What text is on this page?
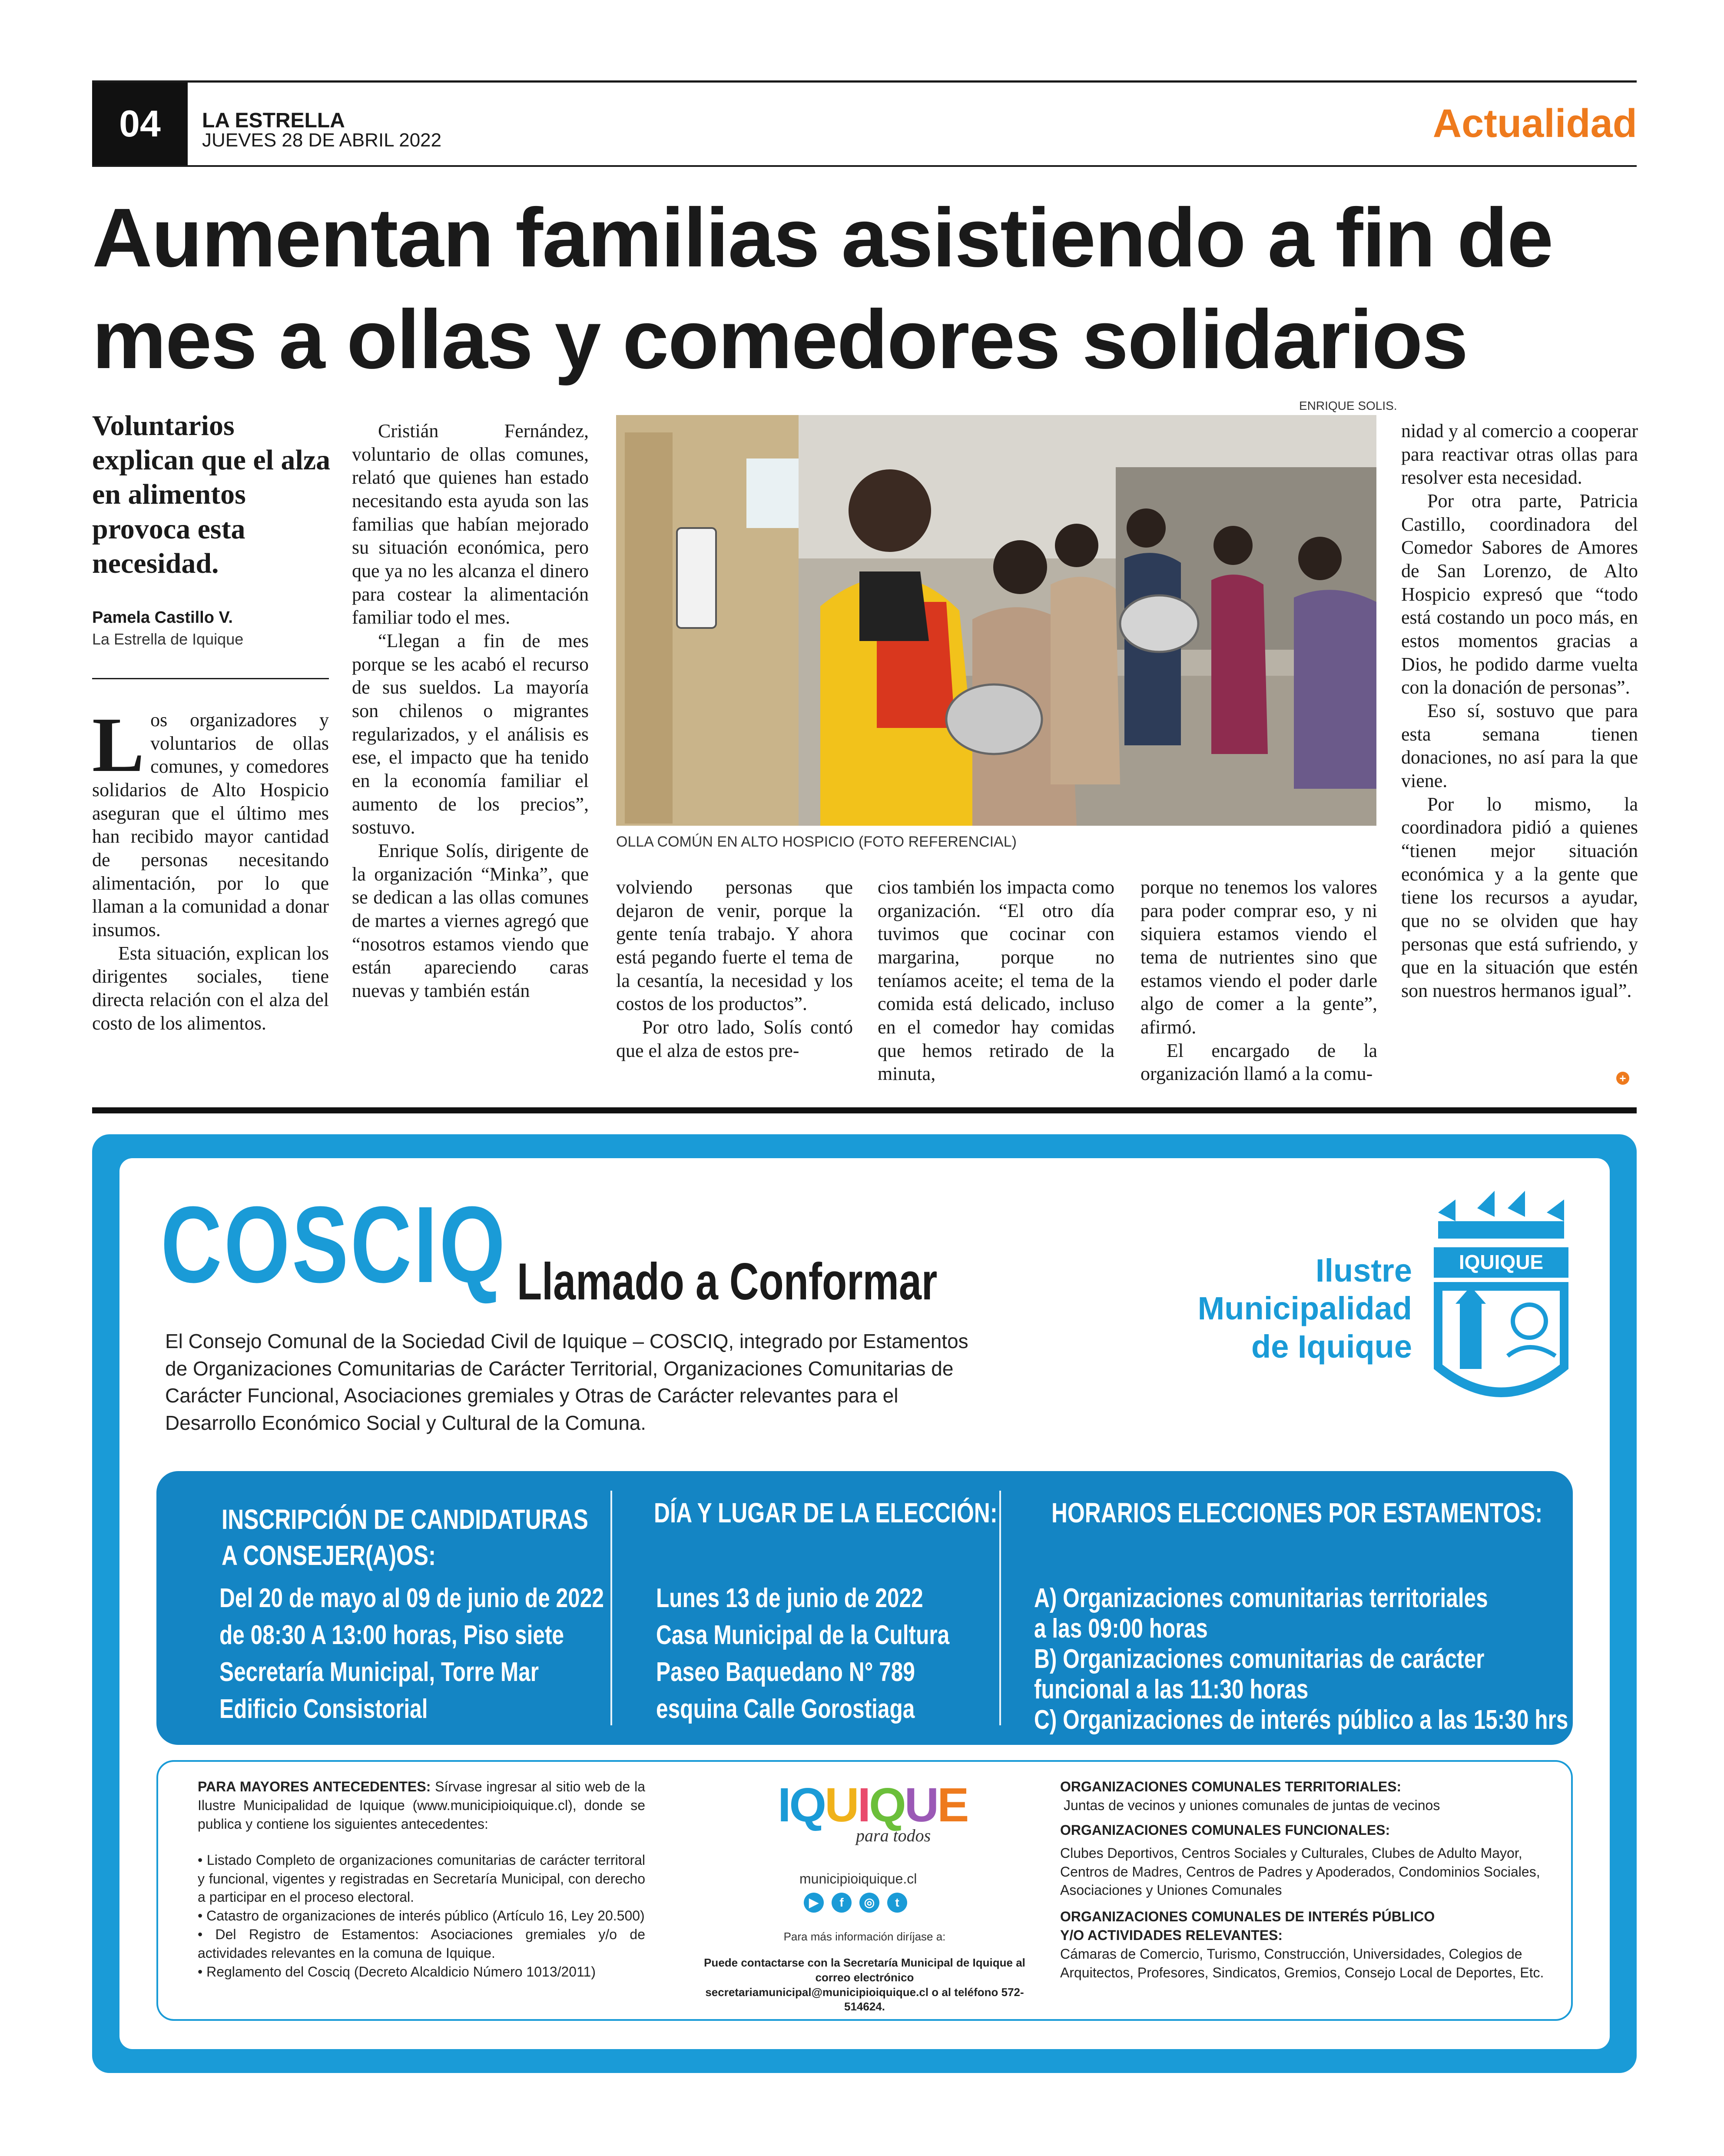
04	LA ESTRELLA
JUEVES 28 DE ABRIL 2022	Actualidad
Aumentan familias asistiendo a fin de mes a ollas y comedores solidarios
Voluntarios explican que el alza en alimentos provoca esta necesidad.
Pamela Castillo V.
La Estrella de Iquique

Los organizadores y voluntarios de ollas comunes, y comedores solidarios de Alto Hospicio aseguran que el último mes han recibido mayor cantidad de personas necesitando alimentación, por lo que llaman a la comunidad a donar insumos.

Esta situación, explican los dirigentes sociales, tiene directa relación con el alza del costo de los alimentos.

Cristián Fernández, voluntario de ollas comunes, relató que quienes han estado necesitando esta ayuda son las familias que habían mejorado su situación económica, pero que ya no les alcanza el dinero para costear la alimentación familiar todo el mes.

“Llegan a fin de mes porque se les acabó el recurso de sus sueldos. La mayoría son chilenos o migrantes regularizados, y el análisis es ese, el impacto que ha tenido en la economía familiar el aumento de los precios”, sostuvo.

Enrique Solís, dirigente de la organización “Minka”, que se dedican a las ollas comunes de martes a viernes agregó que “nosotros estamos viendo que están apareciendo caras nuevas y también están

ENRIQUE SOLIS.
OLLA COMÚN EN ALTO HOSPICIO (FOTO REFERENCIAL)

volviendo personas que dejaron de venir, porque la gente tenía trabajo. Y ahora está pegando fuerte el tema de la cesantía, la necesidad y los costos de los productos”.

Por otro lado, Solís contó que el alza de estos pre-

cios también los impacta como organización. “El otro día tuvimos que cocinar con margarina, porque no teníamos aceite; el tema de la comida está delicado, incluso en el comedor hay comidas que hemos retirado de la minuta,

porque no tenemos los valores para poder comprar eso, y ni siquiera estamos viendo el tema de nutrientes sino que estamos viendo el poder darle algo de comer a la gente”, afirmó.

El encargado de la organización llamó a la comu-

nidad y al comercio a cooperar para reactivar otras ollas para resolver esta necesidad.

Por otra parte, Patricia Castillo, coordinadora del Comedor Sabores de Amores de San Lorenzo, de Alto Hospicio expresó que “todo está costando un poco más, en estos momentos gracias a Dios, he podido darme vuelta con la donación de personas”.

Eso sí, sostuvo que para esta semana tienen donaciones, no así para la que viene.

Por lo mismo, la coordinadora pidió a quienes “tienen mejor situación económica y a la gente que tiene los recursos a ayudar, que no se olviden que hay personas que está sufriendo, y que en la situación que estén son nuestros hermanos igual”.

+
COSCIQ Llamado a Conformar
El Consejo Comunal de la Sociedad Civil de Iquique – COSCIQ, integrado por Estamentos de Organizaciones Comunitarias de Carácter Territorial, Organizaciones Comunitarias de Carácter Funcional, Asociaciones gremiales y Otras de Carácter relevantes para el Desarrollo Económico Social y Cultural de la Comuna.
Ilustre
Municipalidad
de Iquique
IQUIQUE
INSCRIPCIÓN DE CANDIDATURAS
A CONSEJER(A)OS:
Del 20 de mayo al 09 de junio de 2022
de 08:30 A 13:00 horas, Piso siete
Secretaría Municipal, Torre Mar
Edificio Consistorial
DÍA Y LUGAR DE LA ELECCIÓN:
Lunes 13 de junio de 2022
Casa Municipal de la Cultura
Paseo Baquedano N° 789
esquina Calle Gorostiaga
HORARIOS ELECCIONES POR ESTAMENTOS:
A) Organizaciones comunitarias territoriales
a las 09:00 horas
B) Organizaciones comunitarias de carácter
funcional a las 11:30 horas
C) Organizaciones de interés público a las 15:30 hrs
PARA MAYORES ANTECEDENTES: Sírvase ingresar al sitio web de la Ilustre Municipalidad de Iquique (www.municipioiquique.cl), donde se publica y contiene los siguientes antecedentes:
• Listado Completo de organizaciones comunitarias de carácter territoral y funcional, vigentes y registradas en Secretaría Municipal, con derecho a participar en el proceso electoral.
• Catastro de organizaciones de interés público (Artículo 16, Ley 20.500)
• Del Registro de Estamentos: Asociaciones gremiales y/o de actividades relevantes en la comuna de Iquique.
• Reglamento del Cosciq (Decreto Alcaldicio Número 1013/2011)
IQUIQUE
para todos
municipioiquique.cl
▶	f	◎	t
Para más información diríjase a:
Puede contactarse con la Secretaría Municipal de Iquique al correo electrónico secretariamunicipal@municipioiquique.cl o al teléfono 572-514624.
ORGANIZACIONES COMUNALES TERRITORIALES:
Juntas de vecinos y uniones comunales de juntas de vecinos
ORGANIZACIONES COMUNALES FUNCIONALES:
Clubes Deportivos, Centros Sociales y Culturales, Clubes de Adulto Mayor, Centros de Madres, Centros de Padres y Apoderados, Condominios Sociales, Asociaciones y Uniones Comunales
ORGANIZACIONES COMUNALES DE INTERÉS PÚBLICO Y/O ACTIVIDADES RELEVANTES:
Cámaras de Comercio, Turismo, Construcción, Universidades, Colegios de Arquitectos, Profesores, Sindicatos, Gremios, Consejo Local de Deportes, Etc.
